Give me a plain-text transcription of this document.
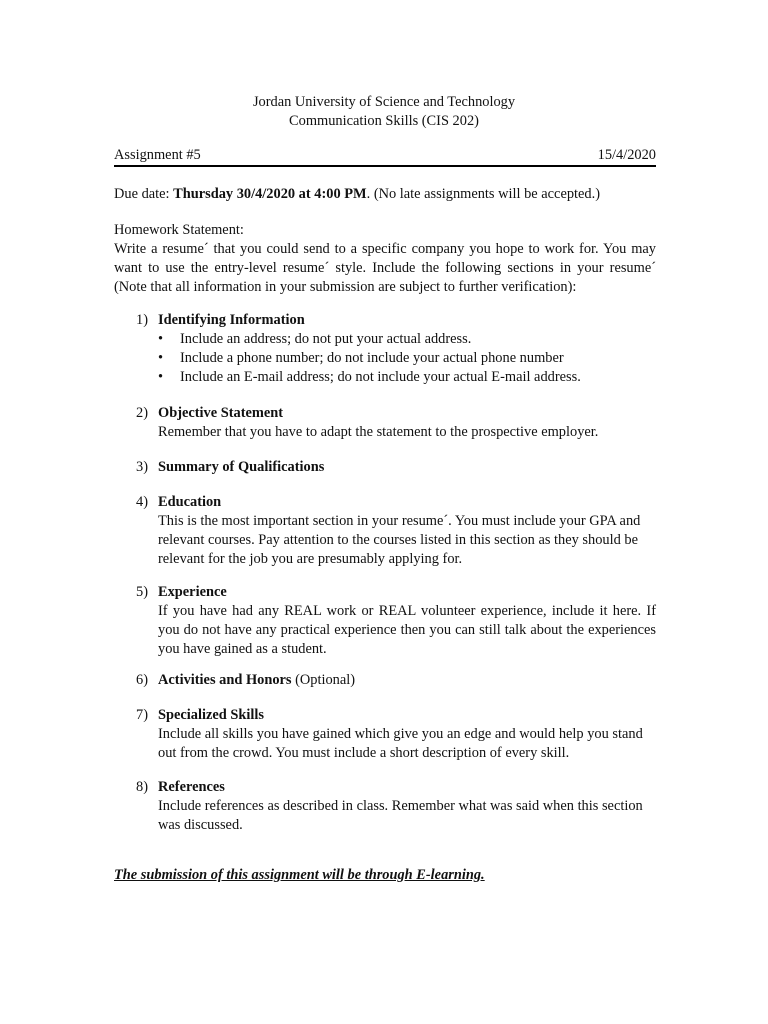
Jordan University of Science and Technology
Communication Skills (CIS 202)
Assignment #5	15/4/2020
Due date: Thursday 30/4/2020 at 4:00 PM. (No late assignments will be accepted.)

Homework Statement:

Write a resume´ that you could send to a specific company you hope to work for. You may want to use the entry-level resume´ style. Include the following sections in your resume´ (Note that all information in your submission are subject to further verification):

1) Identifying Information
• Include an address; do not put your actual address.
• Include a phone number; do not include your actual phone number
• Include an E-mail address; do not include your actual E-mail address.
2) Objective Statement

Remember that you have to adapt the statement to the prospective employer.

3) Summary of Qualifications
4) Education

This is the most important section in your resume´. You must include your GPA and relevant courses. Pay attention to the courses listed in this section as they should be relevant for the job you are presumably applying for.

5) Experience

If you have had any REAL work or REAL volunteer experience, include it here. If you do not have any practical experience then you can still talk about the experiences you have gained as a student.

6) Activities and Honors (Optional)
7) Specialized Skills

Include all skills you have gained which give you an edge and would help you stand out from the crowd. You must include a short description of every skill.

8) References

Include references as described in class. Remember what was said when this section was discussed.

The submission of this assignment will be through E-learning.
